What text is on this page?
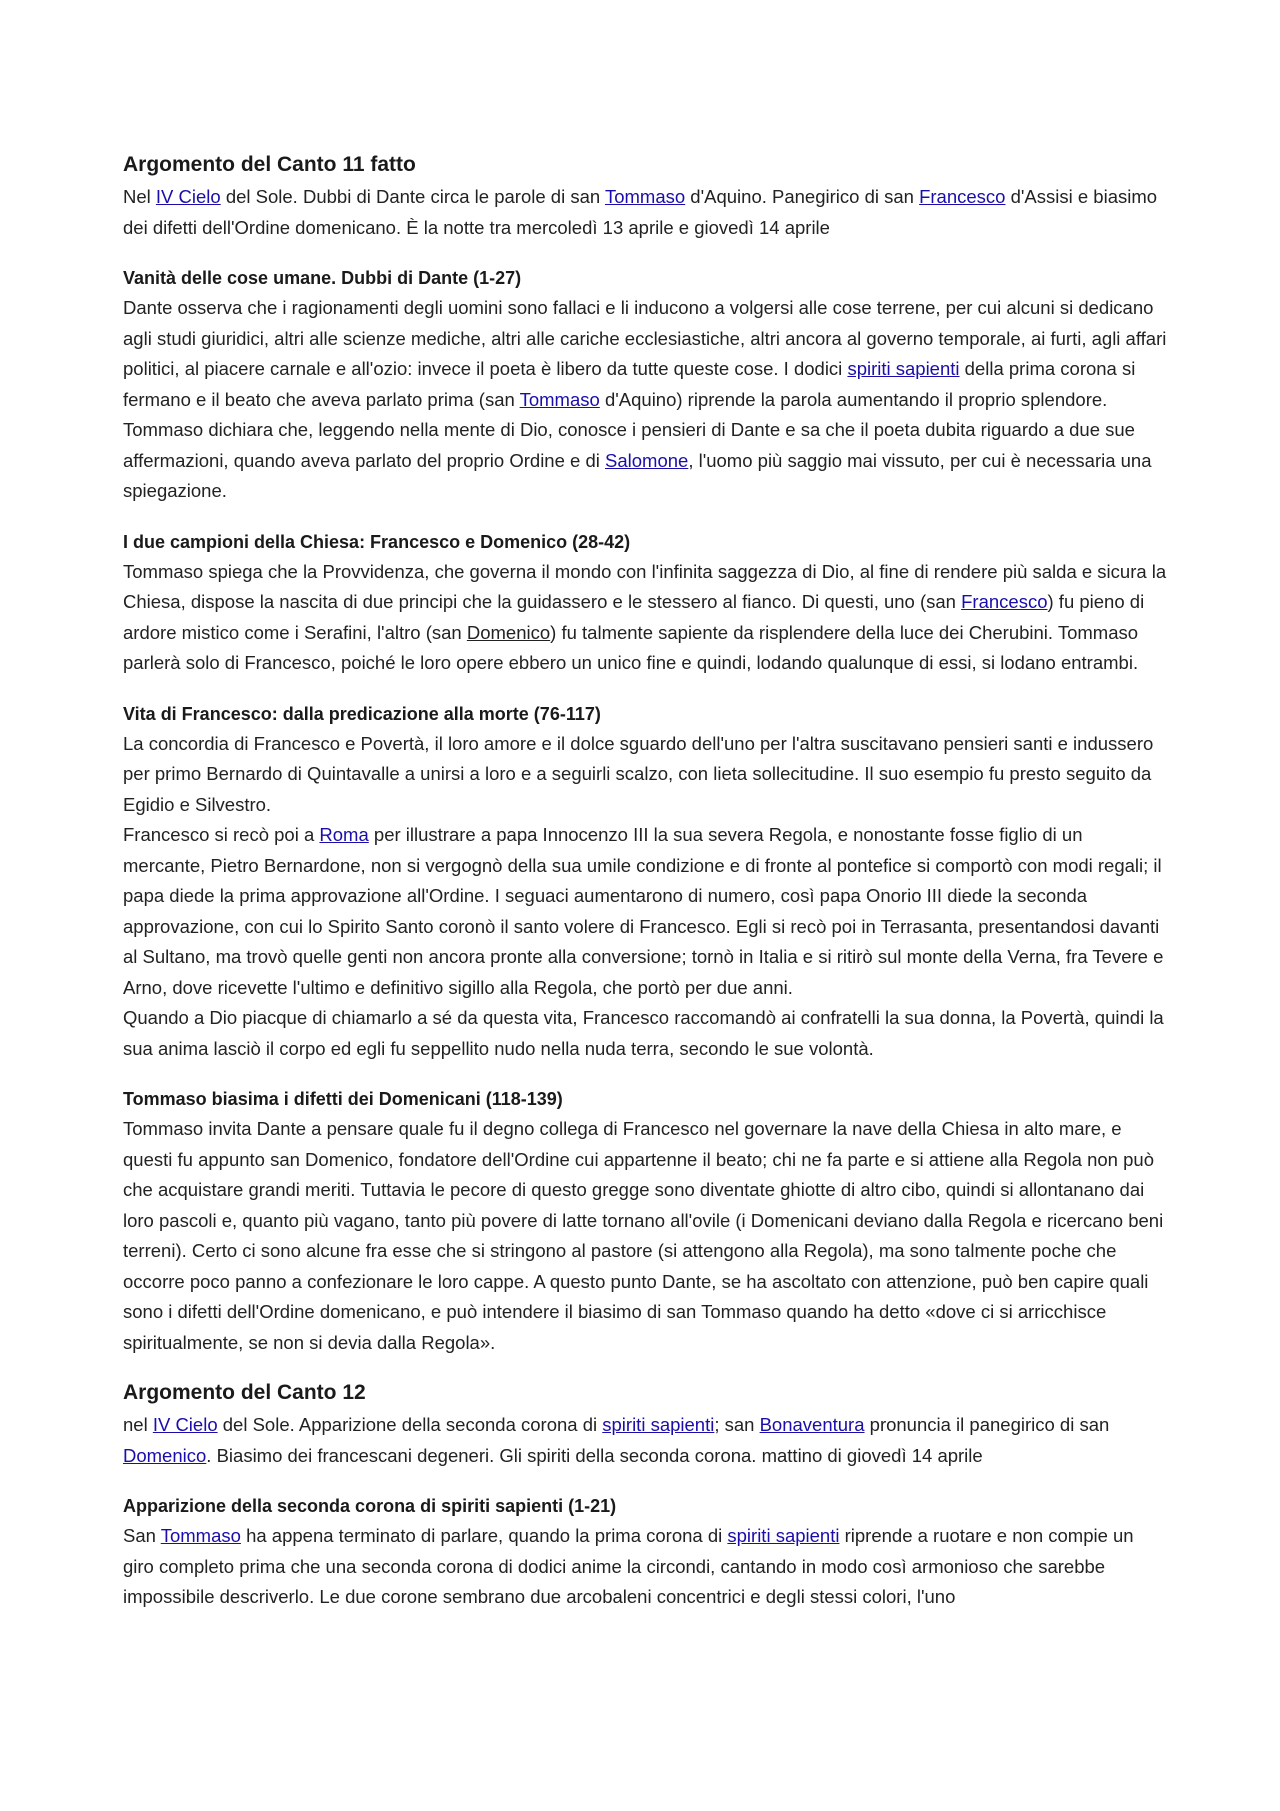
Argomento del Canto 11 fatto

Nel IV Cielo del Sole. Dubbi di Dante circa le parole di san Tommaso d'Aquino. Panegirico di san Francesco d'Assisi e biasimo dei difetti dell'Ordine domenicano. È la notte tra mercoledì 13 aprile e giovedì 14 aprile

Vanità delle cose umane. Dubbi di Dante (1-27)

Dante osserva che i ragionamenti degli uomini sono fallaci e li inducono a volgersi alle cose terrene, per cui alcuni si dedicano agli studi giuridici, altri alle scienze mediche, altri alle cariche ecclesiastiche, altri ancora al governo temporale, ai furti, agli affari politici, al piacere carnale e all'ozio: invece il poeta è libero da tutte queste cose. I dodici spiriti sapienti della prima corona si fermano e il beato che aveva parlato prima (san Tommaso d'Aquino) riprende la parola aumentando il proprio splendore. Tommaso dichiara che, leggendo nella mente di Dio, conosce i pensieri di Dante e sa che il poeta dubita riguardo a due sue affermazioni, quando aveva parlato del proprio Ordine e di Salomone, l'uomo più saggio mai vissuto, per cui è necessaria una spiegazione.

I due campioni della Chiesa: Francesco e Domenico (28-42)

Tommaso spiega che la Provvidenza, che governa il mondo con l'infinita saggezza di Dio, al fine di rendere più salda e sicura la Chiesa, dispose la nascita di due principi che la guidassero e le stessero al fianco. Di questi, uno (san Francesco) fu pieno di ardore mistico come i Serafini, l'altro (san Domenico) fu talmente sapiente da risplendere della luce dei Cherubini. Tommaso parlerà solo di Francesco, poiché le loro opere ebbero un unico fine e quindi, lodando qualunque di essi, si lodano entrambi.

Vita di Francesco: dalla predicazione alla morte (76-117)

La concordia di Francesco e Povertà, il loro amore e il dolce sguardo dell'uno per l'altra suscitavano pensieri santi e indussero per primo Bernardo di Quintavalle a unirsi a loro e a seguirli scalzo, con lieta sollecitudine. Il suo esempio fu presto seguito da Egidio e Silvestro.

Francesco si recò poi a Roma per illustrare a papa Innocenzo III la sua severa Regola, e nonostante fosse figlio di un mercante, Pietro Bernardone, non si vergognò della sua umile condizione e di fronte al pontefice si comportò con modi regali; il papa diede la prima approvazione all'Ordine. I seguaci aumentarono di numero, così papa Onorio III diede la seconda approvazione, con cui lo Spirito Santo coronò il santo volere di Francesco. Egli si recò poi in Terrasanta, presentandosi davanti al Sultano, ma trovò quelle genti non ancora pronte alla conversione; tornò in Italia e si ritirò sul monte della Verna, fra Tevere e Arno, dove ricevette l'ultimo e definitivo sigillo alla Regola, che portò per due anni.

Quando a Dio piacque di chiamarlo a sé da questa vita, Francesco raccomandò ai confratelli la sua donna, la Povertà, quindi la sua anima lasciò il corpo ed egli fu seppellito nudo nella nuda terra, secondo le sue volontà.

Tommaso biasima i difetti dei Domenicani (118-139)

Tommaso invita Dante a pensare quale fu il degno collega di Francesco nel governare la nave della Chiesa in alto mare, e questi fu appunto san Domenico, fondatore dell'Ordine cui appartenne il beato; chi ne fa parte e si attiene alla Regola non può che acquistare grandi meriti. Tuttavia le pecore di questo gregge sono diventate ghiotte di altro cibo, quindi si allontanano dai loro pascoli e, quanto più vagano, tanto più povere di latte tornano all'ovile (i Domenicani deviano dalla Regola e ricercano beni terreni). Certo ci sono alcune fra esse che si stringono al pastore (si attengono alla Regola), ma sono talmente poche che occorre poco panno a confezionare le loro cappe. A questo punto Dante, se ha ascoltato con attenzione, può ben capire quali sono i difetti dell'Ordine domenicano, e può intendere il biasimo di san Tommaso quando ha detto «dove ci si arricchisce spiritualmente, se non si devia dalla Regola».

Argomento del Canto 12

nel IV Cielo del Sole. Apparizione della seconda corona di spiriti sapienti; san Bonaventura pronuncia il panegirico di san Domenico. Biasimo dei francescani degeneri. Gli spiriti della seconda corona. mattino di giovedì 14 aprile

Apparizione della seconda corona di spiriti sapienti (1-21)

San Tommaso ha appena terminato di parlare, quando la prima corona di spiriti sapienti riprende a ruotare e non compie un giro completo prima che una seconda corona di dodici anime la circondi, cantando in modo così armonioso che sarebbe impossibile descriverlo. Le due corone sembrano due arcobaleni concentrici e degli stessi colori, l'uno
